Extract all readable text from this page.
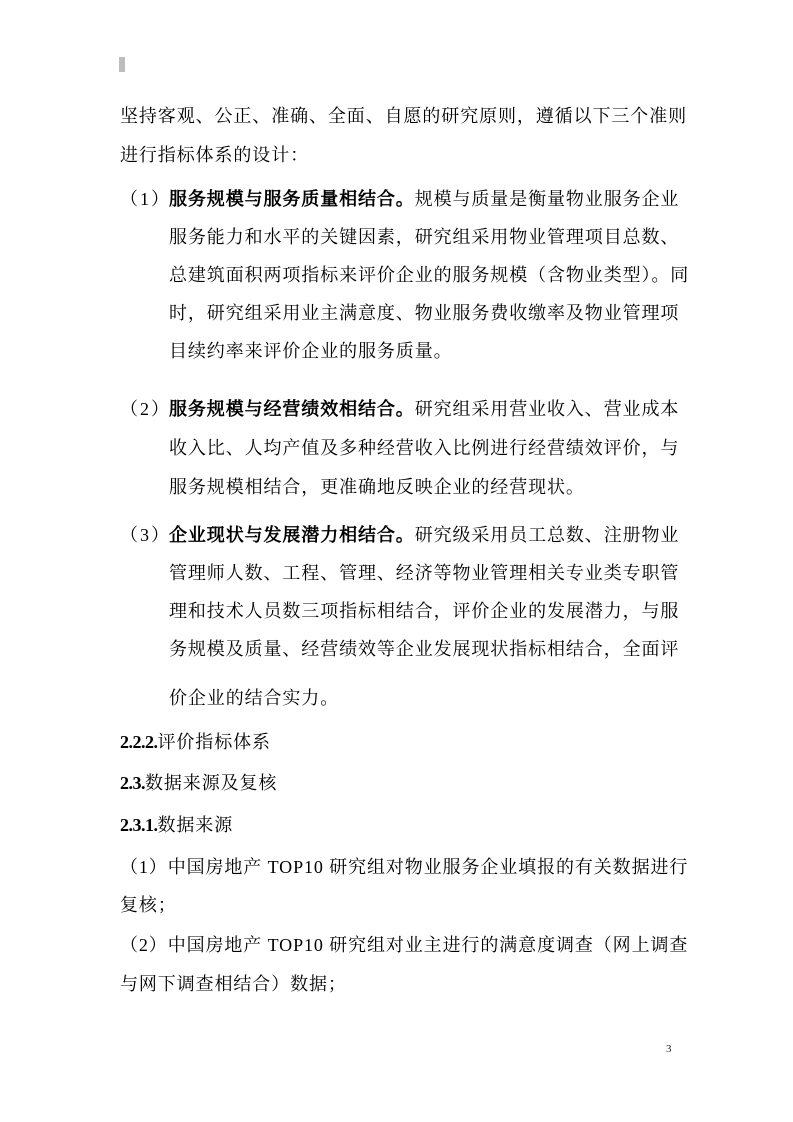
坚持客观、公正、准确、全面、自愿的研究原则，遵循以下三个准则
进行指标体系的设计：
（1）服务规模与服务质量相结合。规模与质量是衡量物业服务企业
服务能力和水平的关键因素，研究组采用物业管理项目总数、
总建筑面积两项指标来评价企业的服务规模（含物业类型）。同
时，研究组采用业主满意度、物业服务费收缴率及物业管理项
目续约率来评价企业的服务质量。
（2）服务规模与经营绩效相结合。研究组采用营业收入、营业成本
收入比、人均产值及多种经营收入比例进行经营绩效评价，与
服务规模相结合，更准确地反映企业的经营现状。
（3）企业现状与发展潜力相结合。研究级采用员工总数、注册物业
管理师人数、工程、管理、经济等物业管理相关专业类专职管
理和技术人员数三项指标相结合，评价企业的发展潜力，与服
务规模及质量、经营绩效等企业发展现状指标相结合，全面评
价企业的结合实力。
2.2.2.评价指标体系
2.3.数据来源及复核
2.3.1.数据来源
（1）中国房地产 TOP10 研究组对物业服务企业填报的有关数据进行
复核；
（2）中国房地产 TOP10 研究组对业主进行的满意度调查（网上调查
与网下调查相结合）数据；
3
